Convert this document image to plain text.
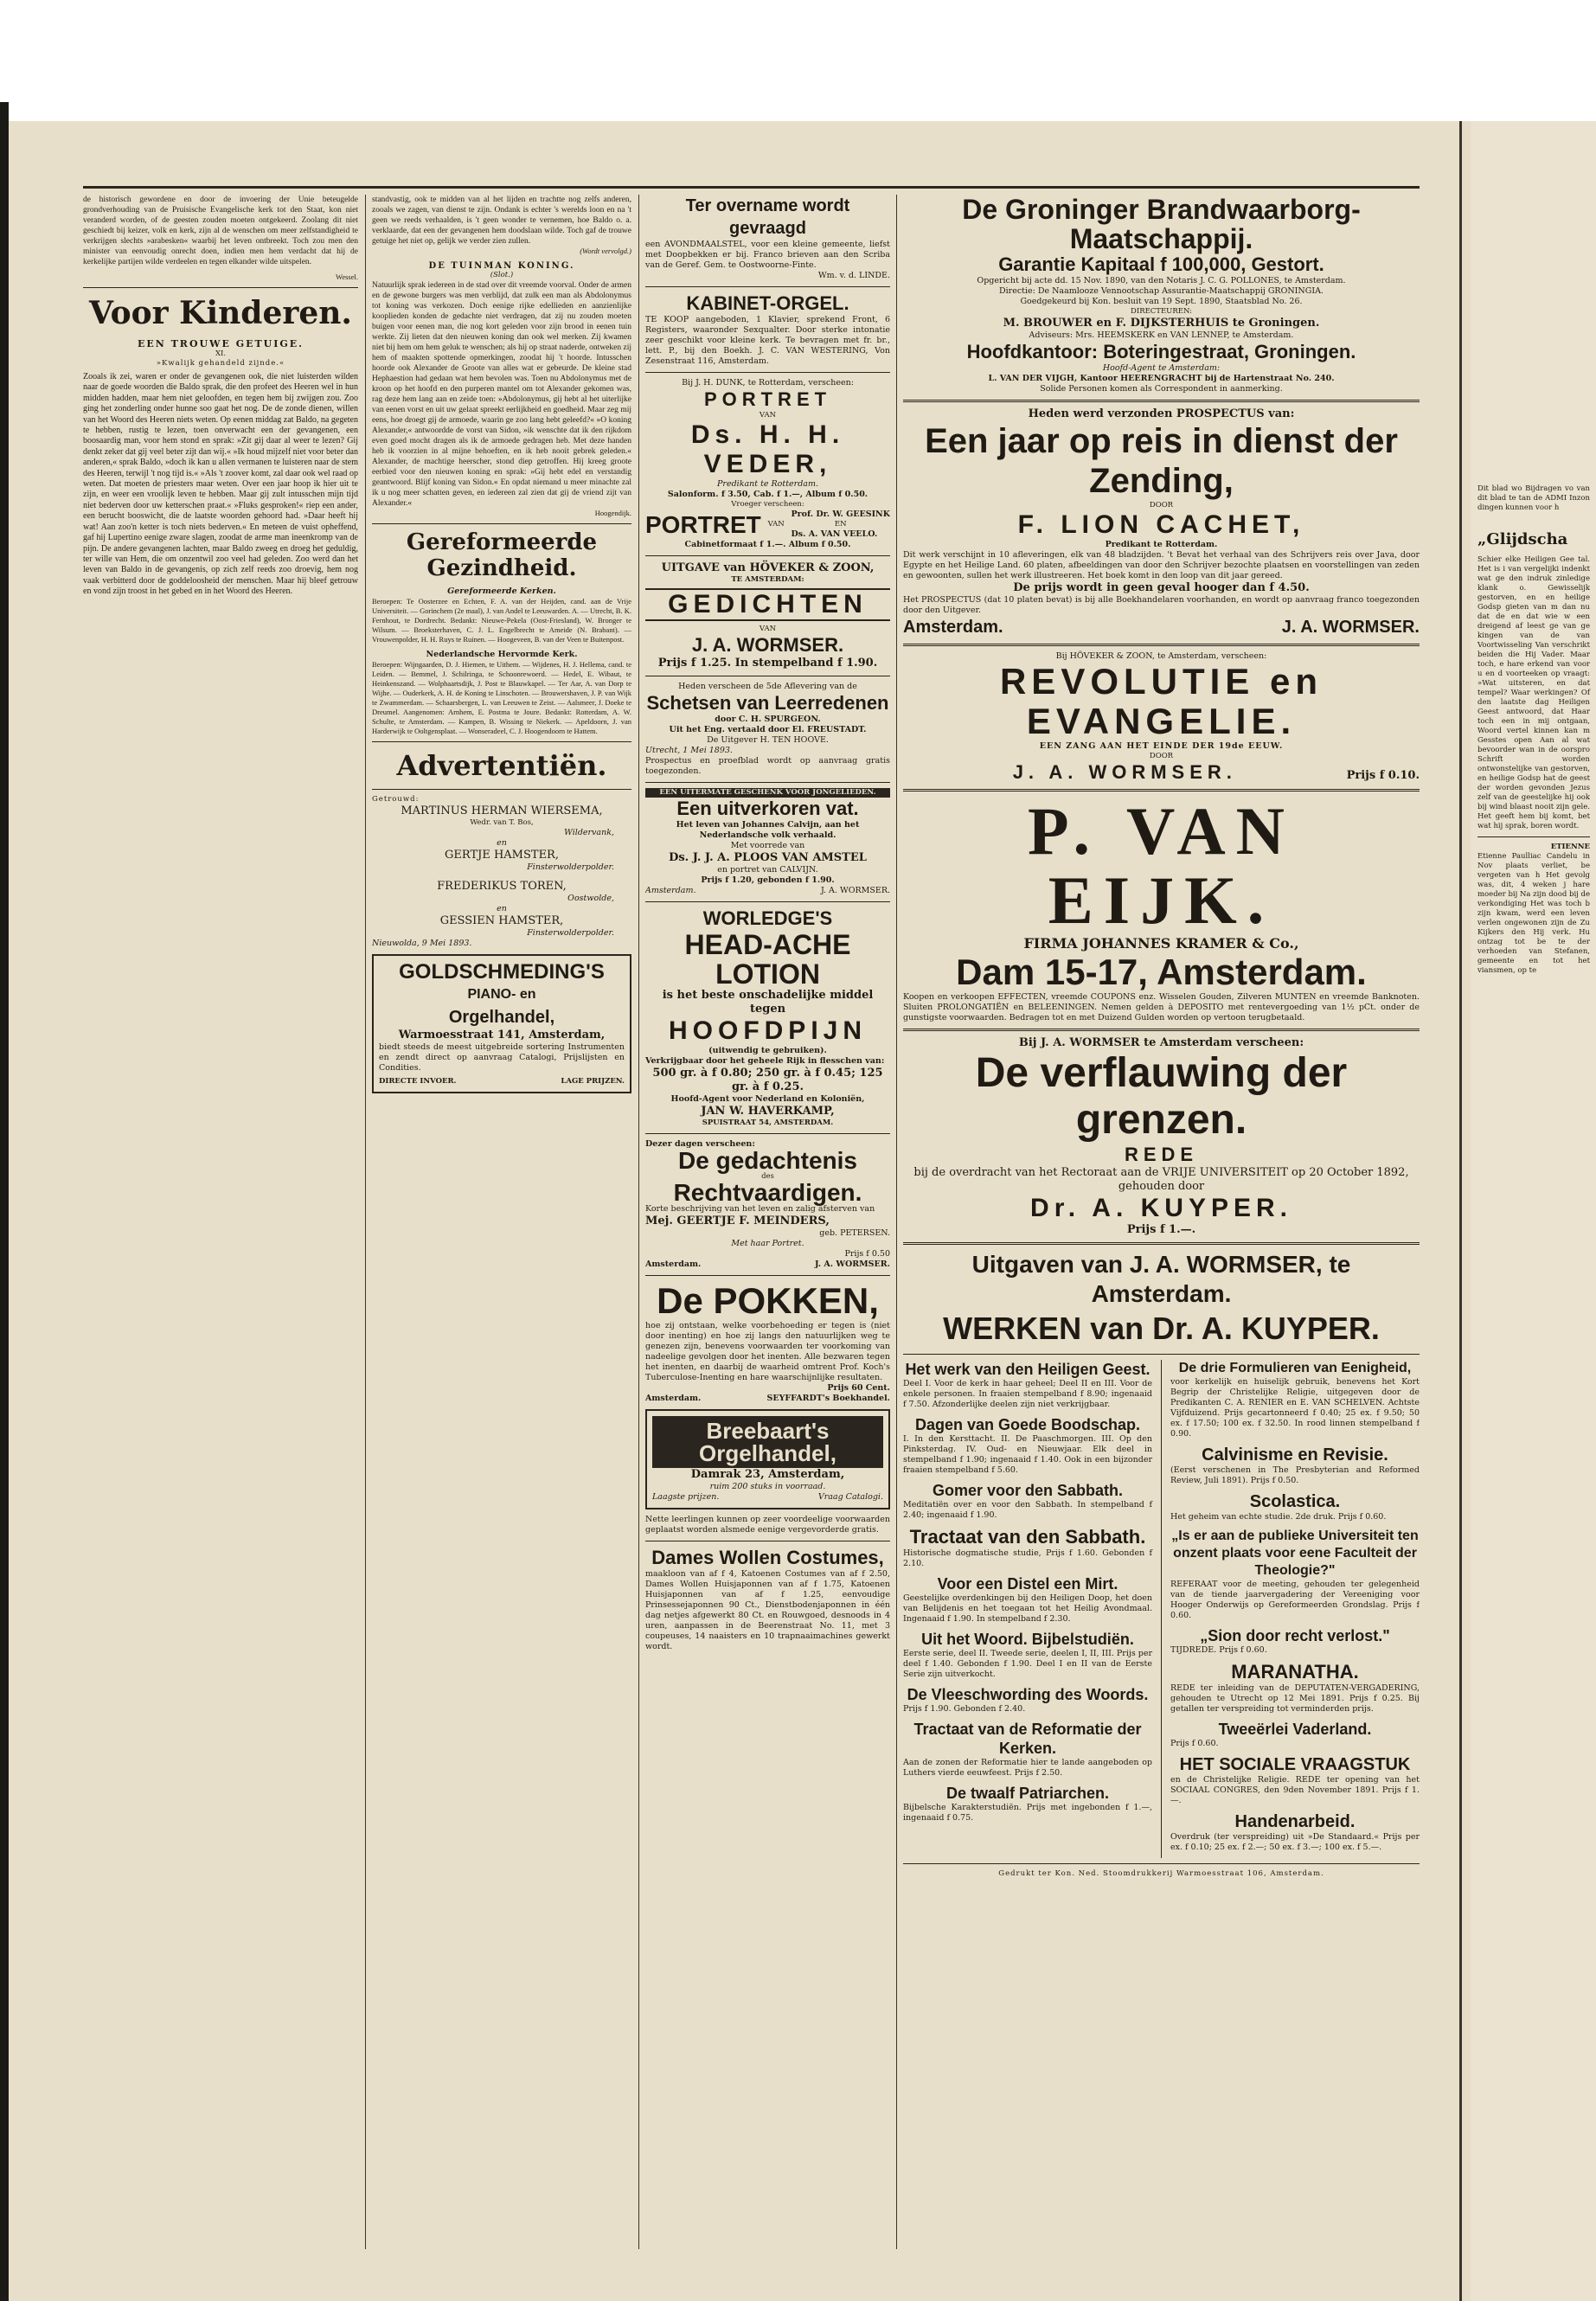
de historisch gewordene en door de invoering der Unie beteugelde grondverhouding van de Pruisische Evangelische kerk tot den Staat, kon niet veranderd worden, of de geesten zouden moeten ontgekeerd. Zoolang dit niet geschiedt bij keizer, volk en kerk, zijn al de wenschen om meer zelfstandigheid te verkrijgen slechts »arabesken« waarbij het leven ontbreekt. Toch zou men den minister van eenvoudig onrecht doen, indien men hem verdacht dat hij de kerkelijke partijen wilde verdeelen en tegen elkander wilde uitspelen.
Wessel.
Voor Kinderen.
EEN TROUWE GETUIGE.
XI.
»Kwalijk gehandeld zijnde.«
Zooals ik zei, waren er onder de gevangenen ook, die niet luisterden wilden naar de goede woorden die Baldo sprak, die den profeet des Heeren wel in hun midden hadden, maar hem niet geloofden, en tegen hem bij zwijgen zou. Zoo ging het zonderling onder hunne soo gaat het nog. De de zonde dienen, willen van het Woord des Heeren niets weten. Op eenen middag zat Baldo, na gegeten te hebben, rustig te lezen, toen onverwacht een der gevangenen, een boosaardig man, voor hem stond en sprak: »Zit gij daar al weer te lezen? Gij denkt zeker dat gij veel beter zijt dan wij.« »Ik houd mijzelf niet voor beter dan anderen,« sprak Baldo, »doch ik kan u allen vermanen te luisteren naar de stem des Heeren, terwijl 't nog tijd is.« »Als 't zoover komt, zal daar ook wel raad op weten. Dat moeten de priesters maar weten. Over een jaar hoop ik hier uit te zijn, en weer een vroolijk leven te hebben. Maar gij zult intusschen mijn tijd niet bederven door uw ketterschen praat.« »Fluks gesproken!« riep een ander, een berucht booswicht, die de laatste woorden gehoord had. »Daar heeft hij wat! Aan zoo'n ketter is toch niets bederven.« En meteen de vuist opheffend, gaf hij Lupertino eenige zware slagen, zoodat de arme man ineenkromp van de pijn. De andere gevangenen lachten, maar Baldo zweeg en droeg het geduldig, ter wille van Hem, die om onzentwil zoo veel had geleden. Zoo werd dan het leven van Baldo in de gevangenis, op zich zelf reeds zoo droevig, hem nog vaak verbitterd door de goddeloosheid der menschen. Maar hij bleef getrouw en vond zijn troost in het gebed en in het Woord des Heeren.
standvastig, ook te midden van al het lijden en trachtte nog zelfs anderen, zooals we zagen, van dienst te zijn. Ondank is echter 's werelds loon en na 't geen we reeds verhaalden, is 't geen wonder te vernemen, hoe Baldo o. a. verklaarde, dat een der gevangenen hem doodslaan wilde. Toch gaf de trouwe getuige het niet op, gelijk we verder zien zullen.
(Wordt vervolgd.)
DE TUINMAN KONING.
(Slot.)
Natuurlijk sprak iedereen in de stad over dit vreemde voorval. Onder de armen en de gewone burgers was men verblijd, dat zulk een man als Abdolonymus tot koning was verkozen. Doch eenige rijke edellieden en aanzienlijke kooplieden konden de gedachte niet verdragen, dat zij nu zouden moeten buigen voor eenen man, die nog kort geleden voor zijn brood in eenen tuin werkte. Zij lieten dat den nieuwen koning dan ook wel merken. Zij kwamen niet bij hem om hem geluk te wenschen; als hij op straat naderde, ontweken zij hem of maakten spottende opmerkingen, zoodat hij 't hoorde. Intusschen hoorde ook Alexander de Groote van alles wat er gebeurde. De kleine stad Hephaestion had gedaan wat hem bevolen was. Toen nu Abdolonymus met de kroon op het hoofd en den purperen mantel om tot Alexander gekomen was, rag deze hem lang aan en zeide toen: »Abdolonymus, gij hebt al het uiterlijke van eenen vorst en uit uw gelaat spreekt eerlijkheid en goedheid. Maar zeg mij eens, hoe droegt gij de armoede, waarin ge zoo lang hebt geleefd?« »O koning Alexander,« antwoordde de vorst van Sidon, »ik wenschte dat ik den rijkdom even goed mocht dragen als ik de armoede gedragen heb. Met deze handen heb ik voorzien in al mijne behoeften, en ik heb nooit gebrek geleden.« Alexander, de machtige heerscher, stond diep getroffen. Hij kreeg groote eerbied voor den nieuwen koning en sprak: »Gij hebt edel en verstandig geantwoord. Blijf koning van Sidon.« En opdat niemand u meer minachte zal ik u nog meer schatten geven, en iedereen zal zien dat gij de vriend zijt van Alexander.«
Hoogendijk.
Gereformeerde Gezindheid.
Gereformeerde Kerken.
Beroepen: Te Oosterzee en Echten, F. A. van der Heijden, cand. aan de Vrije Universiteit. — Gorinchem (2e maal), J. van Andel te Leeuwarden. A. — Utrecht, B. K. Fernhout, te Dordrecht. Bedankt: Nieuwe-Pekela (Oost-Friesland), W. Bronger te Wilsum. — Broeksterhaven, C. J. L. Engelbrecht te Ameide (N. Brabant). — Vrouwenpolder, H. H. Ruys te Ruinen. — Hoogeveen, B. van der Veen te Buitenpost.
Nederlandsche Hervormde Kerk.
Beroepen: Wijngaarden, D. J. Hiemen, te Uithem. — Wijdenes, H. J. Hellema, cand. te Leiden. — Bemmel, J. Schilringa, te Schoonrewoerd. — Hedel, E. Wibaut, te Heinkenszand. — Wolphaartsdijk, J. Post te Blauwkapel. — Ter Aar, A. van Dorp te Wijhe. — Ouderkerk, A. H. de Koning te Linschoten. — Brouwershaven, J. P. van Wijk te Zwammerdam. — Schaarsbergen, L. van Leeuwen te Zeist. — Aalsmeer, J. Doeke te Dreumel. Aangenomen: Arnhem, E. Postma te Joure. Bedankt: Rotterdam, A. W. Schulte, te Amsterdam. — Kampen, B. Wissing te Niekerk. — Apeldoorn, J. van Harderwijk te Ooltgensplaat. — Wonseradeel, C. J. Hoogendoorn te Hattem.
Advertentiën.
Getrouwd:
MARTINUS HERMAN WIERSEMA,
Wedr. van T. Bos,
Wildervank,
en
GERTJE HAMSTER,
Finsterwolderpolder.
FREDERIKUS TOREN,
Oostwolde,
en
GESSIEN HAMSTER,
Finsterwolderpolder.
Nieuwolda, 9 Mei 1893.
GOLDSCHMEDING'S
PIANO- en
Orgelhandel,
Warmoesstraat 141, Amsterdam,
biedt steeds de meest uitgebreide sortering Instrumenten en zendt direct op aanvraag Catalogi, Prijslijsten en Condities.
DIRECTE INVOER.	LAGE PRIJZEN.
Ter overname wordt gevraagd
een AVONDMAALSTEL, voor een kleine gemeente, liefst met Doopbekken er bij. Franco brieven aan den Scriba van de Geref. Gem. te Oostwoorne-Finte.
Wm. v. d. LINDE.
KABINET-ORGEL.
TE KOOP aangeboden, 1 Klavier, sprekend Front, 6 Registers, waaronder Sexqualter. Door sterke intonatie zeer geschikt voor kleine kerk. Te bevragen met fr. br., lett. P., bij den Boekh. J. C. VAN WESTERING, Von Zesenstraat 116, Amsterdam.
Bij J. H. DUNK, te Rotterdam, verscheen:
PORTRET
VAN
Ds. H. H. VEDER,
Predikant te Rotterdam.
Salonform. f 3.50, Cab. f 1.—, Album f 0.50.
Vroeger verscheen:
PORTRET VAN
Prof. Dr. W. GEESINK
EN
Ds. A. VAN VEELO.
Cabinetformaat f 1.—. Album f 0.50.
UITGAVE van HÖVEKER & ZOON,
TE AMSTERDAM:
GEDICHTEN
VAN
J. A. WORMSER.
Prijs f 1.25. In stempelband f 1.90.
Heden verscheen de 5de Aflevering van de
Schetsen van Leerredenen
door C. H. SPURGEON.
Uit het Eng. vertaald door El. FREUSTADT.
De Uitgever H. TEN HOOVE.
Utrecht, 1 Mei 1893.
Prospectus en proefblad wordt op aanvraag gratis toegezonden.
EEN UITERMATE GESCHENK VOOR JONGELIEDEN.
Een uitverkoren vat.
Het leven van Johannes Calvijn, aan het Nederlandsche volk verhaald.
Met voorrede van
Ds. J. J. A. PLOOS VAN AMSTEL
en portret van CALVIJN.
Prijs f 1.20, gebonden f 1.90.
Amsterdam.	J. A. WORMSER.
WORLEDGE'S
HEAD-ACHE LOTION
is het beste onschadelijke middel tegen
HOOFDPIJN
(uitwendig te gebruiken).
Verkrijgbaar door het geheele Rijk in flesschen van:
500 gr. à f 0.80; 250 gr. à f 0.45; 125 gr. à f 0.25.
Hoofd-Agent voor Nederland en Koloniën,
JAN W. HAVERKAMP,
SPUISTRAAT 54, AMSTERDAM.
Dezer dagen verscheen:
De gedachtenis
des
Rechtvaardigen.
Korte beschrijving van het leven en zalig afsterven van
Mej. GEERTJE F. MEINDERS,
geb. PETERSEN.
Met haar Portret.
Prijs f 0.50
Amsterdam.	J. A. WORMSER.
De POKKEN,
hoe zij ontstaan, welke voorbehoeding er tegen is (niet door inenting) en hoe zij langs den natuurlijken weg te genezen zijn, benevens voorwaarden ter voorkoming van nadeelige gevolgen door het inenten. Alle bezwaren tegen het inenten, en daarbij de waarheid omtrent Prof. Koch's Tuberculose-Inenting en hare waarschijnlijke resultaten.
Prijs 60 Cent.
Amsterdam.	SEYFFARDT's Boekhandel.
Breebaart's Orgelhandel,
Damrak 23, Amsterdam,
ruim 200 stuks in voorraad.
Laagste prijzen.	Vraag Catalogi.
Nette leerlingen kunnen op zeer voordeelige voorwaarden geplaatst worden alsmede eenige vergevorderde gratis.
Dames Wollen Costumes,
maakloon van af f 4, Katoenen Costumes van af f 2.50, Dames Wollen Huisjaponnen van af f 1.75, Katoenen Huisjaponnen van af f 1.25, eenvoudige Prinsessejaponnen 90 Ct., Dienstbodenjaponnen in één dag netjes afgewerkt 80 Ct. en Rouwgoed, desnoods in 4 uren, aanpassen in de Beerenstraat No. 11, met 3 coupeuses, 14 naaisters en 10 trapnaaimachines gewerkt wordt.
De Groninger Brandwaarborg-Maatschappij.
Garantie Kapitaal f 100,000, Gestort.
Opgericht bij acte dd. 15 Nov. 1890, van den Notaris J. C. G. POLLONES, te Amsterdam.
Directie: De Naamlooze Vennootschap Assurantie-Maatschappij GRONINGIA.
Goedgekeurd bij Kon. besluit van 19 Sept. 1890, Staatsblad No. 26.
DIRECTEUREN:
M. BROUWER en F. DIJKSTERHUIS te Groningen.
Adviseurs: Mrs. HEEMSKERK en VAN LENNEP, te Amsterdam.
Hoofdkantoor: Boteringestraat, Groningen.
Hoofd-Agent te Amsterdam:
L. VAN DER VIJGH, Kantoor HEERENGRACHT bij de Hartenstraat No. 240.
Solide Personen komen als Correspondent in aanmerking.
Heden werd verzonden PROSPECTUS van:
Een jaar op reis in dienst der Zending,
DOOR
F. LION CACHET,
Predikant te Rotterdam.
Dit werk verschijnt in 10 afleveringen, elk van 48 bladzijden. 't Bevat het verhaal van des Schrijvers reis over Java, door Egypte en het Heilige Land. 60 platen, afbeeldingen van door den Schrijver bezochte plaatsen en voorstellingen van zeden en gewoonten, sullen het werk illustreeren. Het boek komt in den loop van dit jaar gereed.
De prijs wordt in geen geval hooger dan f 4.50.
Het PROSPECTUS (dat 10 platen bevat) is bij alle Boekhandelaren voorhanden, en wordt op aanvraag franco toegezonden door den Uitgever.
Amsterdam.	J. A. WORMSER.
Bij HÖVEKER & ZOON, te Amsterdam, verscheen:
REVOLUTIE en EVANGELIE.
EEN ZANG AAN HET EINDE DER 19de EEUW.
DOOR
J. A. WORMSER.	Prijs f 0.10.
P. VAN EIJK.
FIRMA JOHANNES KRAMER & Co.,
Dam 15-17, Amsterdam.
Koopen en verkoopen EFFECTEN, vreemde COUPONS enz. Wisselen Gouden, Zilveren MUNTEN en vreemde Banknoten. Sluiten PROLONGATIËN en BELEENINGEN. Nemen gelden à DEPOSITO met rentevergoeding van 1½ pCt. onder de gunstigste voorwaarden. Bedragen tot en met Duizend Gulden worden op vertoon terugbetaald.
Bij J. A. WORMSER te Amsterdam verscheen:
De verflauwing der grenzen.
REDE
bij de overdracht van het Rectoraat aan de VRIJE UNIVERSITEIT op 20 October 1892, gehouden door
Dr. A. KUYPER.
Prijs f 1.—.
Uitgaven van J. A. WORMSER, te Amsterdam.
WERKEN van Dr. A. KUYPER.
Het werk van den Heiligen Geest.
Deel I. Voor de kerk in haar geheel; Deel II en III. Voor de enkele personen. In fraaien stempelband f 8.90; ingenaaid f 7.50. Afzonderlijke deelen zijn niet verkrijgbaar.
Dagen van Goede Boodschap.
I. In den Kersttacht. II. De Paaschmorgen. III. Op den Pinksterdag. IV. Oud- en Nieuwjaar. Elk deel in stempelband f 1.90; ingenaaid f 1.40. Ook in een bijzonder fraaien stempelband f 5.60.
Gomer voor den Sabbath.
Meditatiën over en voor den Sabbath. In stempelband f 2.40; ingenaaid f 1.90.
Tractaat van den Sabbath.
Historische dogmatische studie, Prijs f 1.60. Gebonden f 2.10.
Voor een Distel een Mirt.
Geestelijke overdenkingen bij den Heiligen Doop, het doen van Belijdenis en het toegaan tot het Heilig Avondmaal. Ingenaaid f 1.90. In stempelband f 2.30.
Uit het Woord. Bijbelstudiën.
Eerste serie, deel II. Tweede serie, deelen I, II, III. Prijs per deel f 1.40. Gebonden f 1.90. Deel I en II van de Eerste Serie zijn uitverkocht.
De Vleeschwording des Woords.
Prijs f 1.90. Gebonden f 2.40.
Tractaat van de Reformatie der Kerken.
Aan de zonen der Reformatie hier te lande aangeboden op Luthers vierde eeuwfeest. Prijs f 2.50.
De twaalf Patriarchen.
Bijbelsche Karakterstudiën. Prijs met ingebonden f 1.—, ingenaaid f 0.75.
De drie Formulieren van Eenigheid,
voor kerkelijk en huiselijk gebruik, benevens het Kort Begrip der Christelijke Religie, uitgegeven door de Predikanten C. A. RENIER en E. VAN SCHELVEN. Achtste Vijfduizend. Prijs gecartonneerd f 0.40; 25 ex. f 9.50; 50 ex. f 17.50; 100 ex. f 32.50. In rood linnen stempelband f 0.90.
Calvinisme en Revisie.
(Eerst verschenen in The Presbyterian and Reformed Review, Juli 1891). Prijs f 0.50.
Scolastica.
Het geheim van echte studie. 2de druk. Prijs f 0.60.
„Is er aan de publieke Universiteit ten onzent plaats voor eene Faculteit der Theologie?"
REFERAAT voor de meeting, gehouden ter gelegenheid van de tiende jaarvergadering der Vereeniging voor Hooger Onderwijs op Gereformeerden Grondslag. Prijs f 0.60.
„Sion door recht verlost."
TIJDREDE. Prijs f 0.60.
MARANATHA.
REDE ter inleiding van de DEPUTATEN-VERGADERING, gehouden te Utrecht op 12 Mei 1891. Prijs f 0.25. Bij getallen ter verspreiding tot verminderden prijs.
Tweeërlei Vaderland.
Prijs f 0.60.
HET SOCIALE VRAAGSTUK
en de Christelijke Religie. REDE ter opening van het SOCIAAL CONGRES, den 9den November 1891. Prijs f 1.—.
Handenarbeid.
Overdruk (ter verspreiding) uit »De Standaard.« Prijs per ex. f 0.10; 25 ex. f 2.—; 50 ex. f 3.—; 100 ex. f 5.—.
Gedrukt ter Kon. Ned. Stoomdrukkerij Warmoesstraat 106, Amsterdam.
Dit blad wo Bijdragen vo van dit blad te tan de ADMI Inzon dingen kunnen voor h
„Glijdscha
Schier elke Heiligen Gee tal. Het is i van vergelijki indenkt wat ge den indruk zinledige klank o. Gewisselijk gestorven, en en heilige Godsp gieten van m dan nu dat de en dat wie w een dreigend af leest ge van ge kingen van de van Voortwisseling Van verschrikt beiden die Hij Vader. Maar toch, e hare erkend van voor u en d voorteeken op vraagt: »Wat uitsteren, en dat tempel? Waar werkingen? Of den laatste dag Heiligen Geest antwoord, dat Haar toch een in mij ontgaan, Woord vertel kinnen kan m Gesstes open Aan al wat bevoorder wan in de oorspro Schrift worden ontwonstelijke van gestorven, en heilige Godsp hat de geest der worden gevonden Jezus zelf van de geestelijke hij ook bij wind blaast nooit zijn gele. Het geeft hem bij komt, bet wat hij sprak, boren wordt.
ETIENNE
Etienne Paulliac Candelu in Nov plaats verliet, be vergeten van h Het gevolg was, dit, 4 weken j hare moeder bij Na zijn dood bij de verkondiging Het was toch b zijn kwam, werd een leven verlen ongewonen zijn de Zu Kijkers den Hij verk. Hu ontzag tot be te der verhoeden van Stefanen, gemeente en tot het viansmen, op te
